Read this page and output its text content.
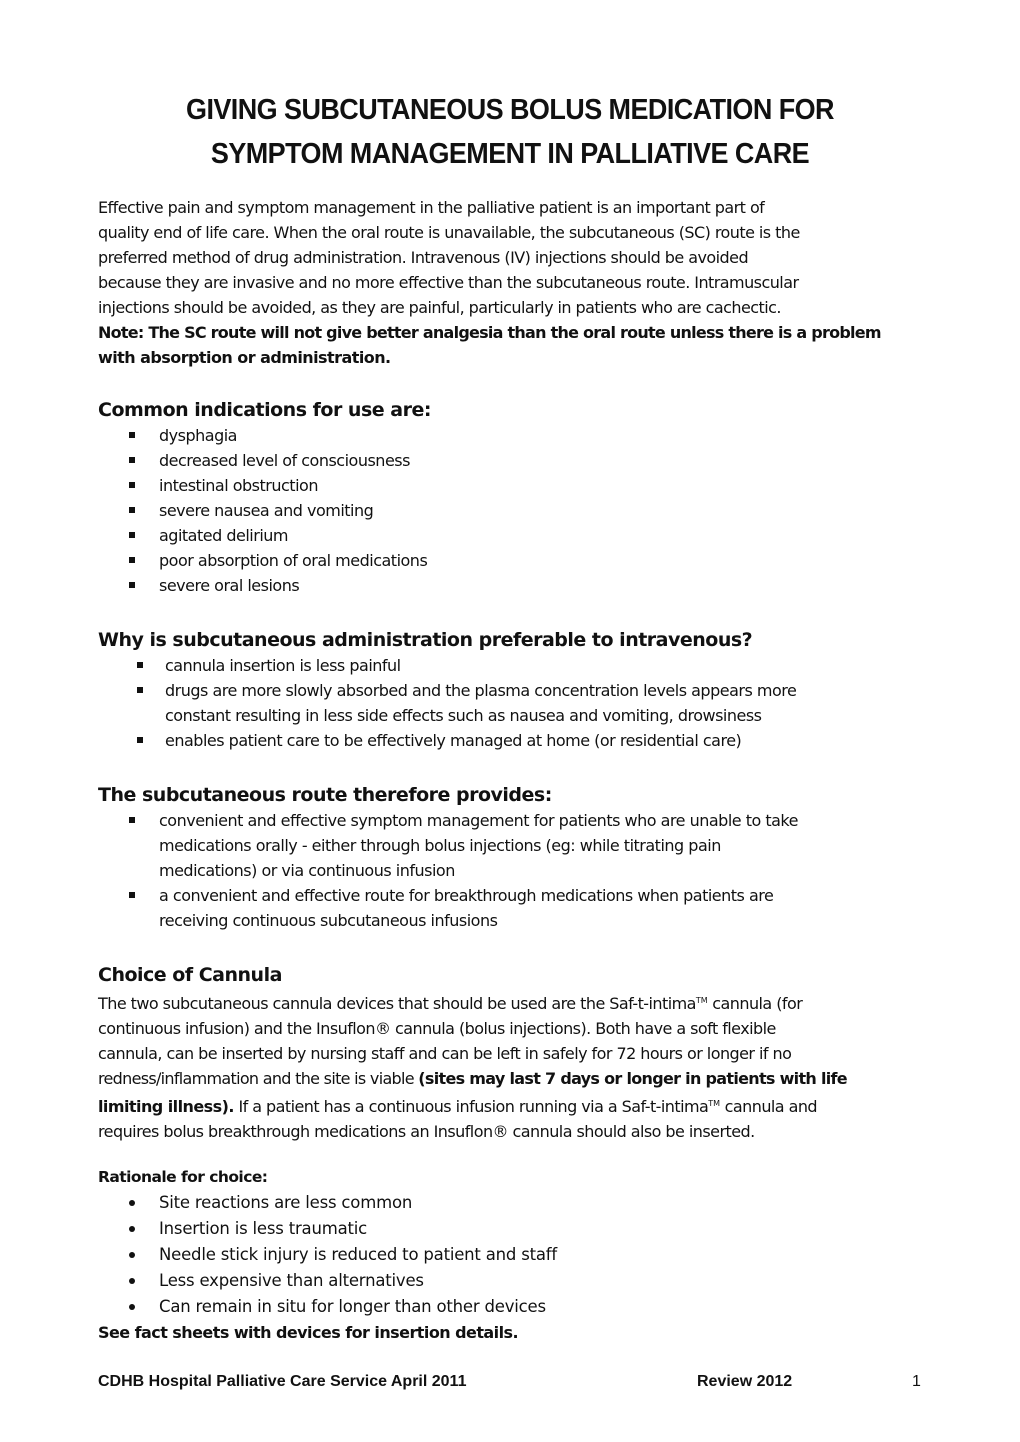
GIVING SUBCUTANEOUS BOLUS MEDICATION FOR
SYMPTOM MANAGEMENT IN PALLIATIVE CARE

Effective pain and symptom management in the palliative patient is an important part of

quality end of life care. When the oral route is unavailable, the subcutaneous (SC) route is the

preferred method of drug administration. Intravenous (IV) injections should be avoided

because they are invasive and no more effective than the subcutaneous route. Intramuscular

injections should be avoided, as they are painful, particularly in patients who are cachectic.

Note: The SC route will not give better analgesia than the oral route unless there is a problem

with absorption or administration.

Common indications for use are:
dysphagia
decreased level of consciousness
intestinal obstruction
severe nausea and vomiting
agitated delirium
poor absorption of oral medications
severe oral lesions
Why is subcutaneous administration preferable to intravenous?
cannula insertion is less painful
drugs are more slowly absorbed and the plasma concentration levels appears more
constant resulting in less side effects such as nausea and vomiting, drowsiness
enables patient care to be effectively managed at home (or residential care)
The subcutaneous route therefore provides:
convenient and effective symptom management for patients who are unable to take
medications orally - either through bolus injections (eg: while titrating pain
medications) or via continuous infusion
a convenient and effective route for breakthrough medications when patients are
receiving continuous subcutaneous infusions
Choice of Cannula

The two subcutaneous cannula devices that should be used are the Saf-t-intima™ cannula (for

continuous infusion) and the Insuflon® cannula (bolus injections). Both have a soft flexible

cannula, can be inserted by nursing staff and can be left in safely for 72 hours or longer if no

redness/inflammation and the site is viable (sites may last 7 days or longer in patients with life

limiting illness). If a patient has a continuous infusion running via a Saf-t-intima™ cannula and

requires bolus breakthrough medications an Insuflon® cannula should also be inserted.

Rationale for choice:

Site reactions are less common
Insertion is less traumatic
Needle stick injury is reduced to patient and staff
Less expensive than alternatives
Can remain in situ for longer than other devices

See fact sheets with devices for insertion details.

CDHB Hospital Palliative Care Service April 2011	Review 2012	1
